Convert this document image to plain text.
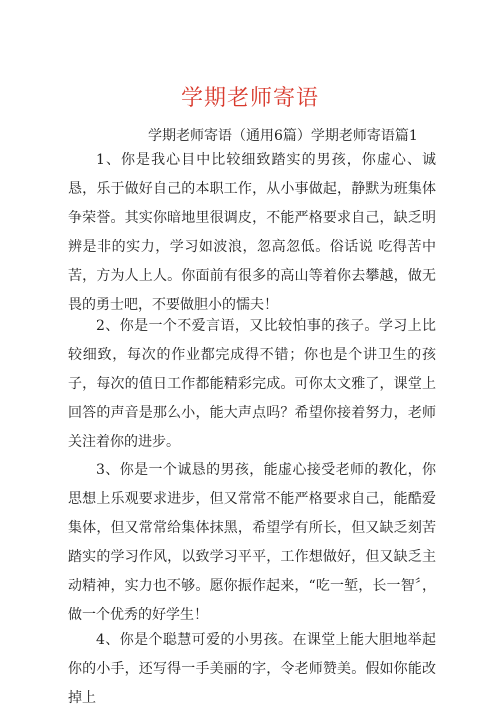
学期老师寄语
学期老师寄语（通用6篇）学期老师寄语篇1

1、你是我心目中比较细致踏实的男孩，你虚心、诚恳，乐于做好自己的本职工作，从小事做起，静默为班集体争荣誉。其实你暗地里很调皮，不能严格要求自己，缺乏明辨是非的实力，学习如波浪，忽高忽低。俗话说 吃得苦中苦，方为人上人。你面前有很多的高山等着你去攀越，做无畏的勇士吧，不要做胆小的懦夫！

2、你是一个不爱言语，又比较怕事的孩子。学习上比较细致，每次的作业都完成得不错；你也是个讲卫生的孩子，每次的值日工作都能精彩完成。可你太文雅了，课堂上回答的声音是那么小，能大声点吗？希望你接着努力，老师关注着你的进步。

3、你是一个诚恳的男孩，能虚心接受老师的教化，你思想上乐观要求进步，但又常常不能严格要求自己，能酷爱集体，但又常常给集体抹黑，希望学有所长，但又缺乏刻苦踏实的学习作风，以致学习平平，工作想做好，但又缺乏主动精神，实力也不够。愿你振作起来，“吃一堑，长一智〞，做一个优秀的好学生！

4、你是个聪慧可爱的小男孩。在课堂上能大胆地举起你的小手，还写得一手美丽的字，令老师赞美。假如你能改掉上
